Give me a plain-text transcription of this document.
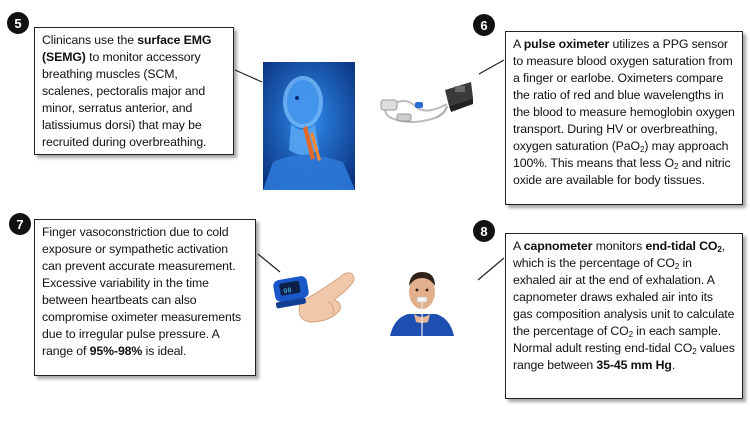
5

Clinicans use the surface EMG (SEMG) to monitor accessory breathing muscles (SCM, scalenes, pectoralis major and minor, serratus anterior, and latissiumus dorsi) that may be recruited during overbreathing.

6

A pulse oximeter utilizes a PPG sensor to measure blood oxygen saturation from a finger or earlobe. Oximeters compare the ratio of red and blue wavelengths in the blood to measure hemoglobin oxygen transport. During HV or overbreathing, oxygen saturation (PaO$_2$) may approach 100%. This means that less $O_2$ and nitric oxide are available for body tissues.

7

Finger vasoconstriction due to cold exposure or sympathetic activation can prevent accurate measurement. Excessive variability in the time between heartbeats can also compromise oximeter measurements due to irregular pulse pressure. A range of 95%-98% is ideal.

98
8

A capnometer monitors end-tidal $CO_2$, which is the percentage of $CO_2$ in exhaled air at the end of exhalation. A capnometer draws exhaled air into its gas composition analysis unit to calculate the percentage of $CO_2$ in each sample. Normal adult resting end-tidal $CO_2$ values range between 35-45 mm Hg.
